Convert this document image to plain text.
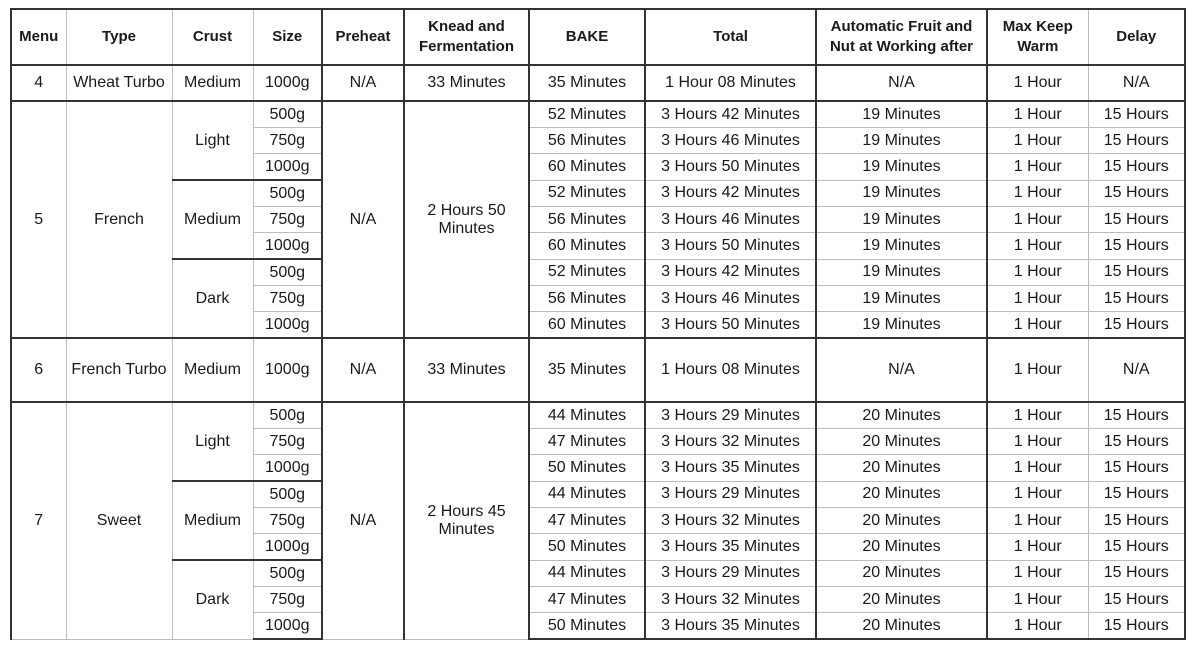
Menu	Type	Crust	Size	Preheat	Knead and Fermentation	BAKE	Total	Automatic Fruit and Nut at Working after	Max Keep Warm	Delay
4	Wheat Turbo	Medium	1000g	N/A	33 Minutes	35 Minutes	1 Hour 08 Minutes	N/A	1 Hour	N/A
5	French	Light	500g	N/A	2 Hours 50 Minutes	52 Minutes	3 Hours 42 Minutes	19 Minutes	1 Hour	15 Hours
			750g			56 Minutes	3 Hours 46 Minutes	19 Minutes	1 Hour	15 Hours
			1000g			60 Minutes	3 Hours 50 Minutes	19 Minutes	1 Hour	15 Hours
		Medium	500g			52 Minutes	3 Hours 42 Minutes	19 Minutes	1 Hour	15 Hours
			750g			56 Minutes	3 Hours 46 Minutes	19 Minutes	1 Hour	15 Hours
			1000g			60 Minutes	3 Hours 50 Minutes	19 Minutes	1 Hour	15 Hours
		Dark	500g			52 Minutes	3 Hours 42 Minutes	19 Minutes	1 Hour	15 Hours
			750g			56 Minutes	3 Hours 46 Minutes	19 Minutes	1 Hour	15 Hours
			1000g			60 Minutes	3 Hours 50 Minutes	19 Minutes	1 Hour	15 Hours
6	French Turbo	Medium	1000g	N/A	33 Minutes	35 Minutes	1 Hours 08 Minutes	N/A	1 Hour	N/A
7	Sweet	Light	500g	N/A	2 Hours 45 Minutes	44 Minutes	3 Hours 29 Minutes	20 Minutes	1 Hour	15 Hours
			750g			47 Minutes	3 Hours 32 Minutes	20 Minutes	1 Hour	15 Hours
			1000g			50 Minutes	3 Hours 35 Minutes	20 Minutes	1 Hour	15 Hours
		Medium	500g			44 Minutes	3 Hours 29 Minutes	20 Minutes	1 Hour	15 Hours
			750g			47 Minutes	3 Hours 32 Minutes	20 Minutes	1 Hour	15 Hours
			1000g			50 Minutes	3 Hours 35 Minutes	20 Minutes	1 Hour	15 Hours
		Dark	500g			44 Minutes	3 Hours 29 Minutes	20 Minutes	1 Hour	15 Hours
			750g			47 Minutes	3 Hours 32 Minutes	20 Minutes	1 Hour	15 Hours
			1000g			50 Minutes	3 Hours 35 Minutes	20 Minutes	1 Hour	15 Hours
